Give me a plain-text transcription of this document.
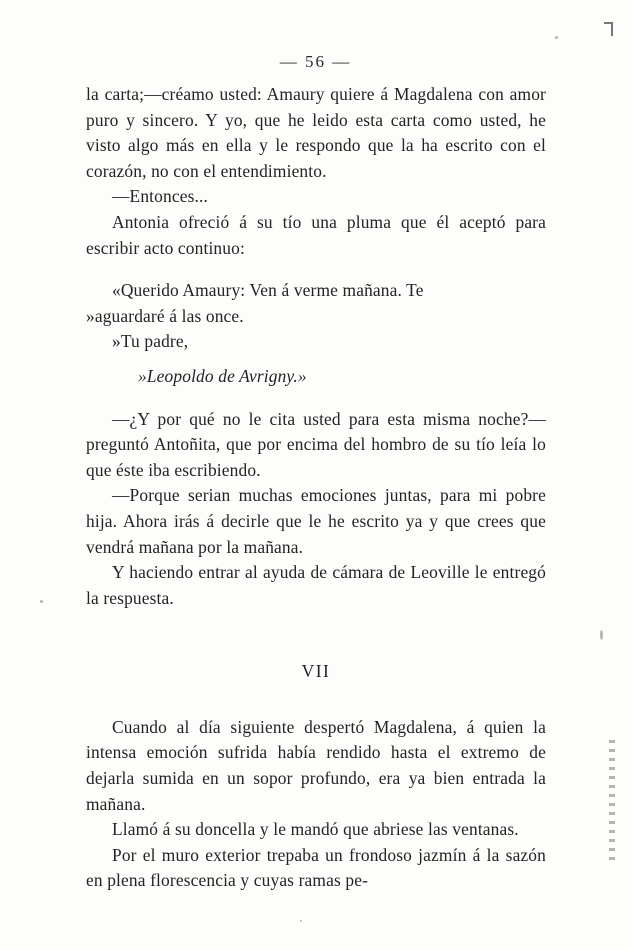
— 56 —

la carta;—créamo usted: Amaury quiere á Magdalena con amor puro y sincero. Y yo, que he leido esta carta como usted, he visto algo más en ella y le respondo que la ha escrito con el corazón, no con el entendimiento.

—Entonces...

Antonia ofreció á su tío una pluma que él aceptó para escribir acto continuo:

«Querido Amaury: Ven á verme mañana. Te

»aguardaré á las once.

»Tu padre,

»Leopoldo de Avrigny.»

—¿Y por qué no le cita usted para esta misma noche?—preguntó Antoñita, que por encima del hombro de su tío leía lo que éste iba escribiendo.

—Porque serian muchas emociones juntas, para mi pobre hija. Ahora irás á decirle que le he escrito ya y que crees que vendrá mañana por la mañana.

Y haciendo entrar al ayuda de cámara de Leoville le entregó la respuesta.

VII

Cuando al día siguiente despertó Magdalena, á quien la intensa emoción sufrida había rendido hasta el extremo de dejarla sumida en un sopor profundo, era ya bien entrada la mañana.

Llamó á su doncella y le mandó que abriese las ventanas.

Por el muro exterior trepaba un frondoso jazmín á la sazón en plena florescencia y cuyas ramas pe-
